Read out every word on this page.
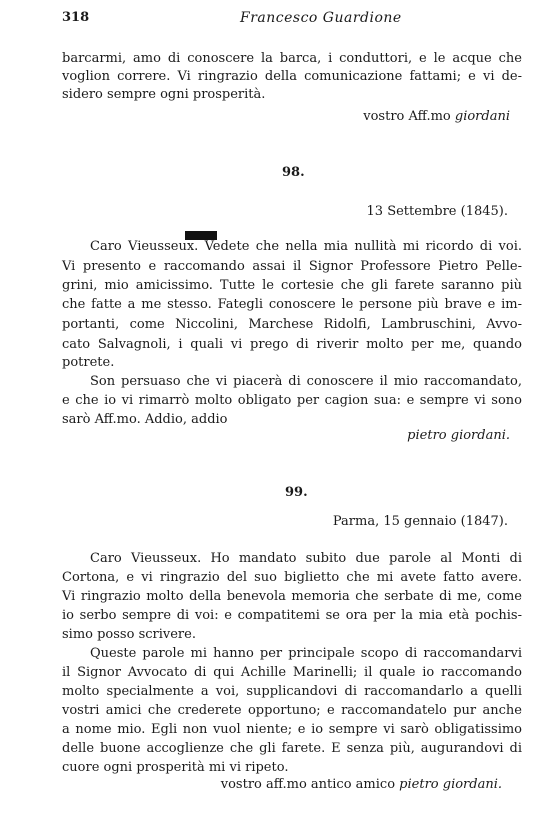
318	Francesco Guardione
barcarmi, amo di conoscere la barca, i conduttori, e le acque che
voglion correre. Vi ringrazio della comunicazione fattami; e vi de-
sidero sempre ogni prosperità.
vostro Aff.mo giordani
98.
13 Settembre (1845).
Caro Vieusseux. Vedete che nella mia nullità mi ricordo di voi.
Vi presento e raccomando assai il Signor Professore Pietro Pelle-
grini, mio amicissimo. Tutte le cortesie che gli farete saranno più
che fatte a me stesso. Fategli conoscere le persone più brave e im-
portanti, come Niccolini, Marchese Ridolfi, Lambruschini, Avvo-
cato Salvagnoli, i quali vi prego di riverir molto per me, quando
potrete.
Son persuaso che vi piacerà di conoscere il mio raccomandato,
e che io vi rimarrò molto obligato per cagion sua: e sempre vi sono
sarò Aff.mo. Addio, addio
pietro giordani.
99.
Parma, 15 gennaio (1847).
Caro Vieusseux. Ho mandato subito due parole al Monti di
Cortona, e vi ringrazio del suo biglietto che mi avete fatto avere.
Vi ringrazio molto della benevola memoria che serbate di me, come
io serbo sempre di voi: e compatitemi se ora per la mia età pochis-
simo posso scrivere.
Queste parole mi hanno per principale scopo di raccomandarvi
il Signor Avvocato di qui Achille Marinelli; il quale io raccomando
molto specialmente a voi, supplicandovi di raccomandarlo a quelli
vostri amici che crederete opportuno; e raccomandatelo pur anche
a nome mio. Egli non vuol niente; e io sempre vi sarò obligatissimo
delle buone accoglienze che gli farete. E senza più, augurandovi di
cuore ogni prosperità mi vi ripeto.
vostro aff.mo antico amico pietro giordani.
